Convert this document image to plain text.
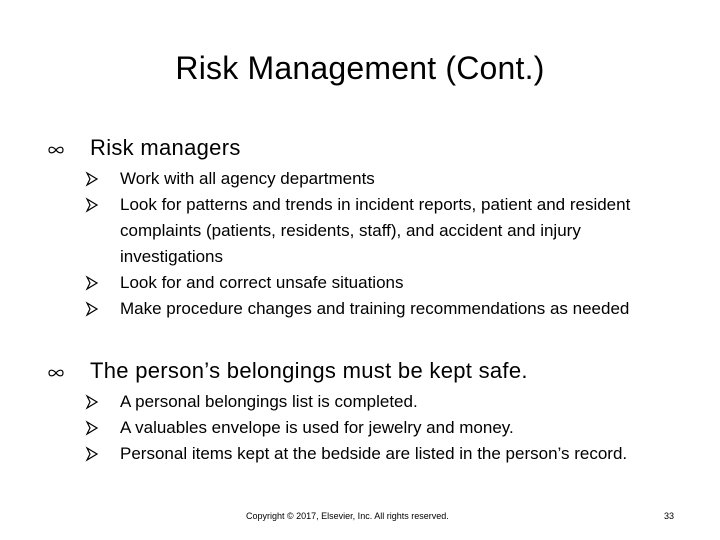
Risk Management (Cont.)
Risk managers
Work with all agency departments
Look for patterns and trends in incident reports, patient and resident complaints (patients, residents, staff), and accident and injury investigations
Look for and correct unsafe situations
Make procedure changes and training recommendations as needed
The person’s belongings must be kept safe.
A personal belongings list is completed.
A valuables envelope is used for jewelry and money.
Personal items kept at the bedside are listed in the person’s record.
Copyright © 2017, Elsevier, Inc. All rights reserved.	33
